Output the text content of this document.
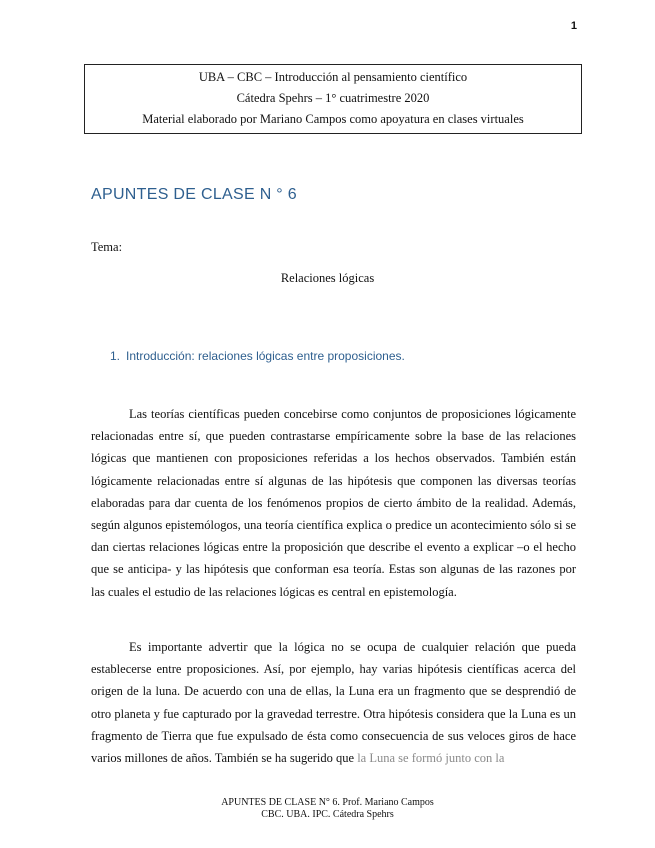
1
UBA – CBC – Introducción al pensamiento científico
Cátedra Spehrs – 1° cuatrimestre 2020
Material elaborado por Mariano Campos como apoyatura en clases virtuales
APUNTES DE CLASE N ° 6
Tema:
Relaciones lógicas
1. Introducción: relaciones lógicas entre proposiciones.

Las teorías científicas pueden concebirse como conjuntos de proposiciones lógicamente relacionadas entre sí, que pueden contrastarse empíricamente sobre la base de las relaciones lógicas que mantienen con proposiciones referidas a los hechos observados. También están lógicamente relacionadas entre sí algunas de las hipótesis que componen las diversas teorías elaboradas para dar cuenta de los fenómenos propios de cierto ámbito de la realidad. Además, según algunos epistemólogos, una teoría científica explica o predice un acontecimiento sólo si se dan ciertas relaciones lógicas entre la proposición que describe el evento a explicar –o el hecho que se anticipa- y las hipótesis que conforman esa teoría. Estas son algunas de las razones por las cuales el estudio de las relaciones lógicas es central en epistemología.

Es importante advertir que la lógica no se ocupa de cualquier relación que pueda establecerse entre proposiciones. Así, por ejemplo, hay varias hipótesis científicas acerca del origen de la luna. De acuerdo con una de ellas, la Luna era un fragmento que se desprendió de otro planeta y fue capturado por la gravedad terrestre. Otra hipótesis considera que la Luna es un fragmento de Tierra que fue expulsado de ésta como consecuencia de sus veloces giros de hace varios millones de años. También se ha sugerido que la Luna se formó junto con la

APUNTES DE CLASE N° 6. Prof. Mariano Campos
CBC. UBA. IPC. Cátedra Spehrs
